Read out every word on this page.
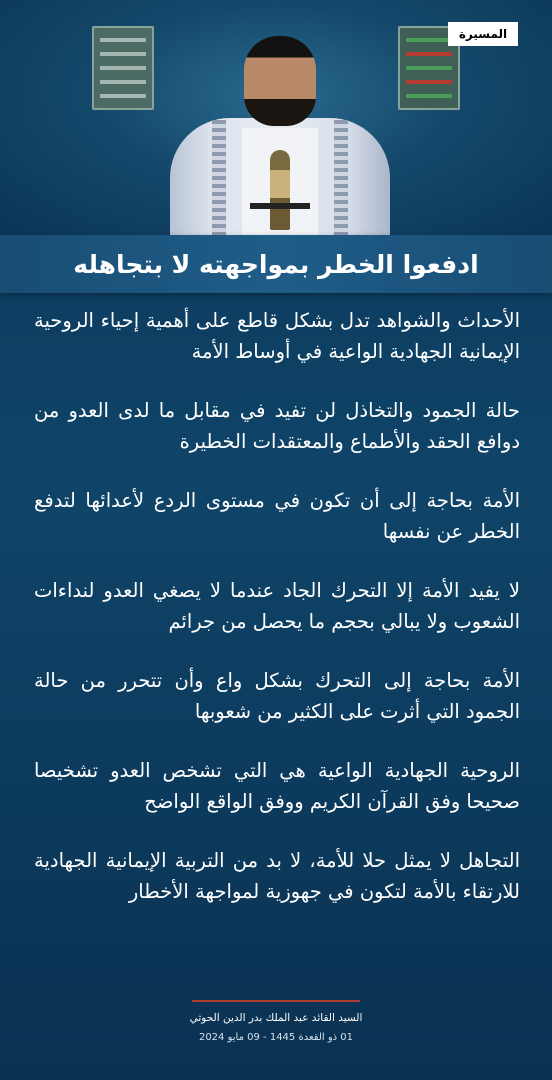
المسيرة
ادفعوا الخطر بمواجهته لا بتجاهله

الأحداث والشواهد تدل بشكل قاطع على أهمية إحياء الروحية الإيمانية الجهادية الواعية في أوساط الأمة

حالة الجمود والتخاذل لن تفيد في مقابل ما لدى العدو من دوافع الحقد والأطماع والمعتقدات الخطيرة

الأمة بحاجة إلى أن تكون في مستوى الردع لأعدائها لتدفع الخطر عن نفسها

لا يفيد الأمة إلا التحرك الجاد عندما لا يصغي العدو لنداءات الشعوب ولا يبالي بحجم ما يحصل من جرائم

الأمة بحاجة إلى التحرك بشكل واع وأن تتحرر من حالة الجمود التي أثرت على الكثير من شعوبها

الروحية الجهادية الواعية هي التي تشخص العدو تشخيصا صحيحا وفق القرآن الكريم ووفق الواقع الواضح

التجاهل لا يمثل حلا للأمة، لا بد من التربية الإيمانية الجهادية للارتقاء بالأمة لتكون في جهوزية لمواجهة الأخطار

السيد القائد عبد الملك بدر الدين الحوثي
01 ذو القعدة 1445 - 09 مايو 2024
